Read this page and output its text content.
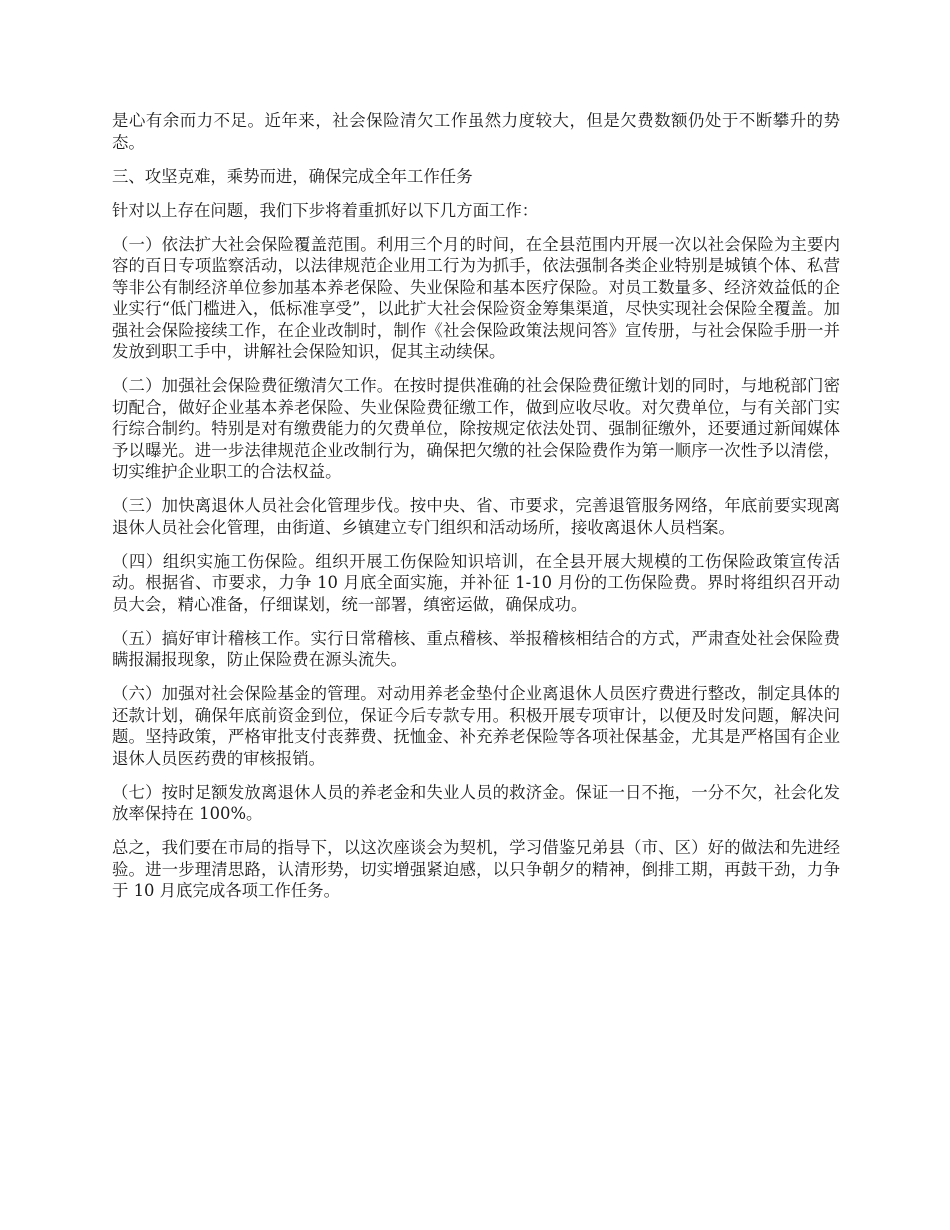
是心有余而力不足。近年来，社会保险清欠工作虽然力度较大，但是欠费数额仍处于不断攀升的势态。

三、攻坚克难，乘势而进，确保完成全年工作任务

针对以上存在问题，我们下步将着重抓好以下几方面工作：

（一）依法扩大社会保险覆盖范围。利用三个月的时间，在全县范围内开展一次以社会保险为主要内容的百日专项监察活动，以法律规范企业用工行为为抓手，依法强制各类企业特别是城镇个体、私营等非公有制经济单位参加基本养老保险、失业保险和基本医疗保险。对员工数量多、经济效益低的企业实行“低门槛进入，低标准享受”，以此扩大社会保险资金筹集渠道，尽快实现社会保险全覆盖。加强社会保险接续工作，在企业改制时，制作《社会保险政策法规问答》宣传册，与社会保险手册一并发放到职工手中，讲解社会保险知识，促其主动续保。

（二）加强社会保险费征缴清欠工作。在按时提供准确的社会保险费征缴计划的同时，与地税部门密切配合，做好企业基本养老保险、失业保险费征缴工作，做到应收尽收。对欠费单位，与有关部门实行综合制约。特别是对有缴费能力的欠费单位，除按规定依法处罚、强制征缴外，还要通过新闻媒体予以曝光。进一步法律规范企业改制行为，确保把欠缴的社会保险费作为第一顺序一次性予以清偿，切实维护企业职工的合法权益。

（三）加快离退休人员社会化管理步伐。按中央、省、市要求，完善退管服务网络，年底前要实现离退休人员社会化管理，由街道、乡镇建立专门组织和活动场所，接收离退休人员档案。

（四）组织实施工伤保险。组织开展工伤保险知识培训，在全县开展大规模的工伤保险政策宣传活动。根据省、市要求，力争 10 月底全面实施，并补征 1-10 月份的工伤保险费。界时将组织召开动员大会，精心准备，仔细谋划，统一部署，缜密运做，确保成功。

（五）搞好审计稽核工作。实行日常稽核、重点稽核、举报稽核相结合的方式，严肃查处社会保险费瞒报漏报现象，防止保险费在源头流失。

（六）加强对社会保险基金的管理。对动用养老金垫付企业离退休人员医疗费进行整改，制定具体的还款计划，确保年底前资金到位，保证今后专款专用。积极开展专项审计，以便及时发问题，解决问题。坚持政策，严格审批支付丧葬费、抚恤金、补充养老保险等各项社保基金，尤其是严格国有企业退休人员医药费的审核报销。

（七）按时足额发放离退休人员的养老金和失业人员的救济金。保证一日不拖，一分不欠，社会化发放率保持在 100%。

总之，我们要在市局的指导下，以这次座谈会为契机，学习借鉴兄弟县（市、区）好的做法和先进经验。进一步理清思路，认清形势，切实增强紧迫感，以只争朝夕的精神，倒排工期，再鼓干劲，力争于 10 月底完成各项工作任务。
